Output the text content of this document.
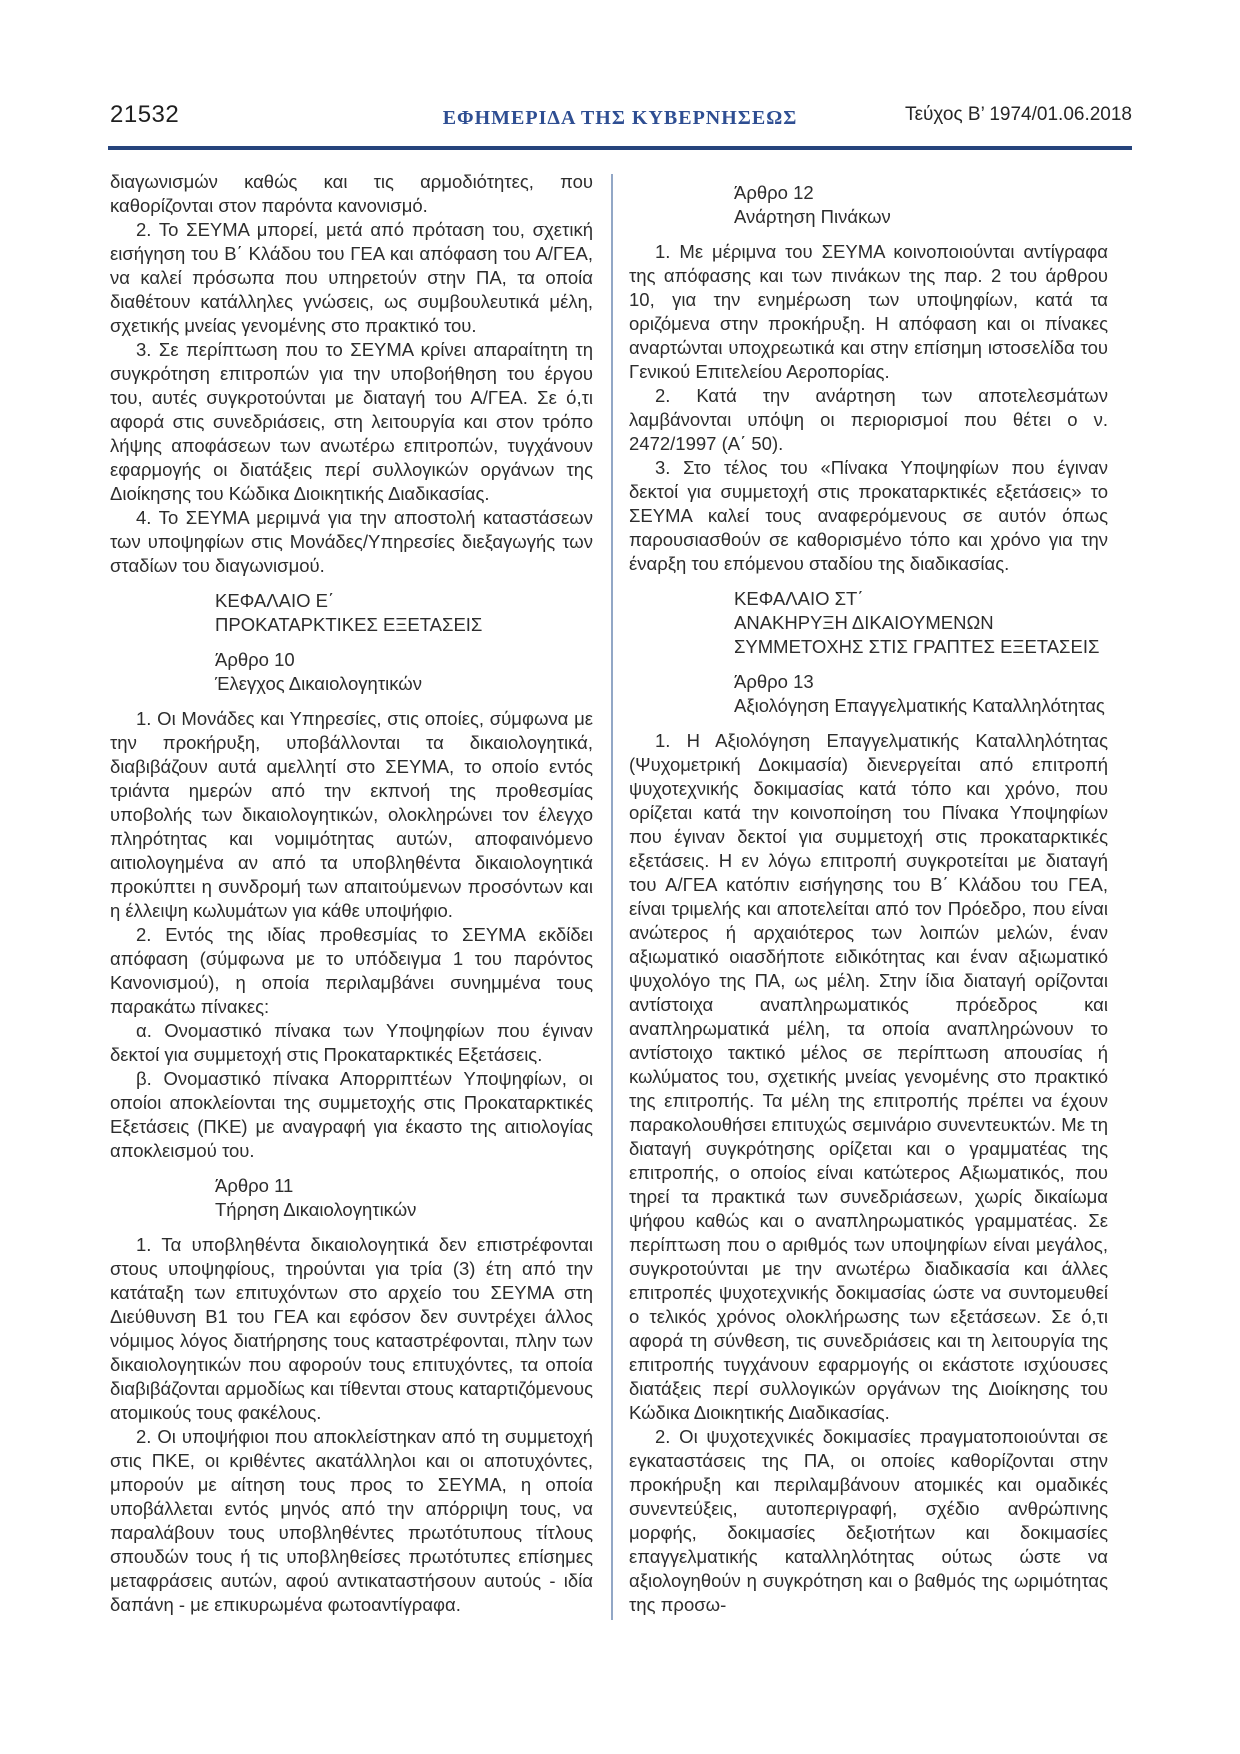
21532	ΕΦΗΜΕΡΙΔΑ ΤΗΣ ΚΥΒΕΡΝΗΣΕΩΣ	Τεύχος Β’ 1974/01.06.2018

διαγωνισμών καθώς και τις αρμοδιότητες, που καθορίζονται στον παρόντα κανονισμό.

2. Το ΣΕΥΜΑ μπορεί, μετά από πρόταση του, σχετική εισήγηση του Β΄ Κλάδου του ΓΕΑ και απόφαση του Α/ΓΕΑ, να καλεί πρόσωπα που υπηρετούν στην ΠΑ, τα οποία διαθέτουν κατάλληλες γνώσεις, ως συμβουλευτικά μέλη, σχετικής μνείας γενομένης στο πρακτικό του.

3. Σε περίπτωση που το ΣΕΥΜΑ κρίνει απαραίτητη τη συγκρότηση επιτροπών για την υποβοήθηση του έργου του, αυτές συγκροτούνται με διαταγή του Α/ΓΕΑ. Σε ό,τι αφορά στις συνεδριάσεις, στη λειτουργία και στον τρόπο λήψης αποφάσεων των ανωτέρω επιτροπών, τυγχάνουν εφαρμογής οι διατάξεις περί συλλογικών οργάνων της Διοίκησης του Κώδικα Διοικητικής Διαδικασίας.

4. Το ΣΕΥΜΑ μεριμνά για την αποστολή καταστάσεων των υποψηφίων στις Μονάδες/Υπηρεσίες διεξαγωγής των σταδίων του διαγωνισμού.

ΚΕΦΑΛΑΙΟ Ε΄
ΠΡΟΚΑΤΑΡΚΤΙΚΕΣ ΕΞΕΤΑΣΕΙΣ
Άρθρο 10
Έλεγχος Δικαιολογητικών

1. Οι Μονάδες και Υπηρεσίες, στις οποίες, σύμφωνα με την προκήρυξη, υποβάλλονται τα δικαιολογητικά, διαβιβάζουν αυτά αμελλητί στο ΣΕΥΜΑ, το οποίο εντός τριάντα ημερών από την εκπνοή της προθεσμίας υποβολής των δικαιολογητικών, ολοκληρώνει τον έλεγχο πληρότητας και νομιμότητας αυτών, αποφαινόμενο αιτιολογημένα αν από τα υποβληθέντα δικαιολογητικά προκύπτει η συνδρομή των απαιτούμενων προσόντων και η έλλειψη κωλυμάτων για κάθε υποψήφιο.

2. Εντός της ιδίας προθεσμίας το ΣΕΥΜΑ εκδίδει απόφαση (σύμφωνα με το υπόδειγμα 1 του παρόντος Κανονισμού), η οποία περιλαμβάνει συνημμένα τους παρακάτω πίνακες:

α. Ονομαστικό πίνακα των Υποψηφίων που έγιναν δεκτοί για συμμετοχή στις Προκαταρκτικές Εξετάσεις.

β. Ονομαστικό πίνακα Απορριπτέων Υποψηφίων, οι οποίοι αποκλείονται της συμμετοχής στις Προκαταρκτικές Εξετάσεις (ΠΚΕ) με αναγραφή για έκαστο της αιτιολογίας αποκλεισμού του.

Άρθρο 11
Τήρηση Δικαιολογητικών

1. Τα υποβληθέντα δικαιολογητικά δεν επιστρέφονται στους υποψηφίους, τηρούνται για τρία (3) έτη από την κατάταξη των επιτυχόντων στο αρχείο του ΣΕΥΜΑ στη Διεύθυνση Β1 του ΓΕΑ και εφόσον δεν συντρέχει άλλος νόμιμος λόγος διατήρησης τους καταστρέφονται, πλην των δικαιολογητικών που αφορούν τους επιτυχόντες, τα οποία διαβιβάζονται αρμοδίως και τίθενται στους καταρτιζόμενους ατομικούς τους φακέλους.

2. Οι υποψήφιοι που αποκλείστηκαν από τη συμμετοχή στις ΠΚΕ, οι κριθέντες ακατάλληλοι και οι αποτυχόντες, μπορούν με αίτηση τους προς το ΣΕΥΜΑ, η οποία υποβάλλεται εντός μηνός από την απόρριψη τους, να παραλάβουν τους υποβληθέντες πρωτότυπους τίτλους σπουδών τους ή τις υποβληθείσες πρωτότυπες επίσημες μεταφράσεις αυτών, αφού αντικαταστήσουν αυτούς - ιδία δαπάνη - με επικυρωμένα φωτοαντίγραφα.

Άρθρο 12
Ανάρτηση Πινάκων

1. Με μέριμνα του ΣΕΥΜΑ κοινοποιούνται αντίγραφα της απόφασης και των πινάκων της παρ. 2 του άρθρου 10, για την ενημέρωση των υποψηφίων, κατά τα οριζόμενα στην προκήρυξη. Η απόφαση και οι πίνακες αναρτώνται υποχρεωτικά και στην επίσημη ιστοσελίδα του Γενικού Επιτελείου Αεροπορίας.

2. Κατά την ανάρτηση των αποτελεσμάτων λαμβάνονται υπόψη οι περιορισμοί που θέτει ο ν. 2472/1997 (Α΄ 50).

3. Στο τέλος του «Πίνακα Υποψηφίων που έγιναν δεκτοί για συμμετοχή στις προκαταρκτικές εξετάσεις» το ΣΕΥΜΑ καλεί τους αναφερόμενους σε αυτόν όπως παρουσιασθούν σε καθορισμένο τόπο και χρόνο για την έναρξη του επόμενου σταδίου της διαδικασίας.

ΚΕΦΑΛΑΙΟ ΣΤ΄
ΑΝΑΚΗΡΥΞΗ ΔΙΚΑΙΟΥΜΕΝΩΝ
ΣΥΜΜΕΤΟΧΗΣ ΣΤΙΣ ΓΡΑΠΤΕΣ ΕΞΕΤΑΣΕΙΣ
Άρθρο 13
Αξιολόγηση Επαγγελματικής Καταλληλότητας

1. Η Αξιολόγηση Επαγγελματικής Καταλληλότητας (Ψυχομετρική Δοκιμασία) διενεργείται από επιτροπή ψυχοτεχνικής δοκιμασίας κατά τόπο και χρόνο, που ορίζεται κατά την κοινοποίηση του Πίνακα Υποψηφίων που έγιναν δεκτοί για συμμετοχή στις προκαταρκτικές εξετάσεις. Η εν λόγω επιτροπή συγκροτείται με διαταγή του Α/ΓΕΑ κατόπιν εισήγησης του Β΄ Κλάδου του ΓΕΑ, είναι τριμελής και αποτελείται από τον Πρόεδρο, που είναι ανώτερος ή αρχαιότερος των λοιπών μελών, έναν αξιωματικό οιασδήποτε ειδικότητας και έναν αξιωματικό ψυχολόγο της ΠΑ, ως μέλη. Στην ίδια διαταγή ορίζονται αντίστοιχα αναπληρωματικός πρόεδρος και αναπληρωματικά μέλη, τα οποία αναπληρώνουν το αντίστοιχο τακτικό μέλος σε περίπτωση απουσίας ή κωλύματος του, σχετικής μνείας γενομένης στο πρακτικό της επιτροπής. Τα μέλη της επιτροπής πρέπει να έχουν παρακολουθήσει επιτυχώς σεμινάριο συνεντευκτών. Με τη διαταγή συγκρότησης ορίζεται και ο γραμματέας της επιτροπής, ο οποίος είναι κατώτερος Αξιωματικός, που τηρεί τα πρακτικά των συνεδριάσεων, χωρίς δικαίωμα ψήφου καθώς και ο αναπληρωματικός γραμματέας. Σε περίπτωση που ο αριθμός των υποψηφίων είναι μεγάλος, συγκροτούνται με την ανωτέρω διαδικασία και άλλες επιτροπές ψυχοτεχνικής δοκιμασίας ώστε να συντομευθεί ο τελικός χρόνος ολοκλήρωσης των εξετάσεων. Σε ό,τι αφορά τη σύνθεση, τις συνεδριάσεις και τη λειτουργία της επιτροπής τυγχάνουν εφαρμογής οι εκάστοτε ισχύουσες διατάξεις περί συλλογικών οργάνων της Διοίκησης του Κώδικα Διοικητικής Διαδικασίας.

2. Οι ψυχοτεχνικές δοκιμασίες πραγματοποιούνται σε εγκαταστάσεις της ΠΑ, οι οποίες καθορίζονται στην προκήρυξη και περιλαμβάνουν ατομικές και ομαδικές συνεντεύξεις, αυτοπεριγραφή, σχέδιο ανθρώπινης μορφής, δοκιμασίες δεξιοτήτων και δοκιμασίες επαγγελματικής καταλληλότητας ούτως ώστε να αξιολογηθούν η συγκρότηση και ο βαθμός της ωριμότητας της προσω-
